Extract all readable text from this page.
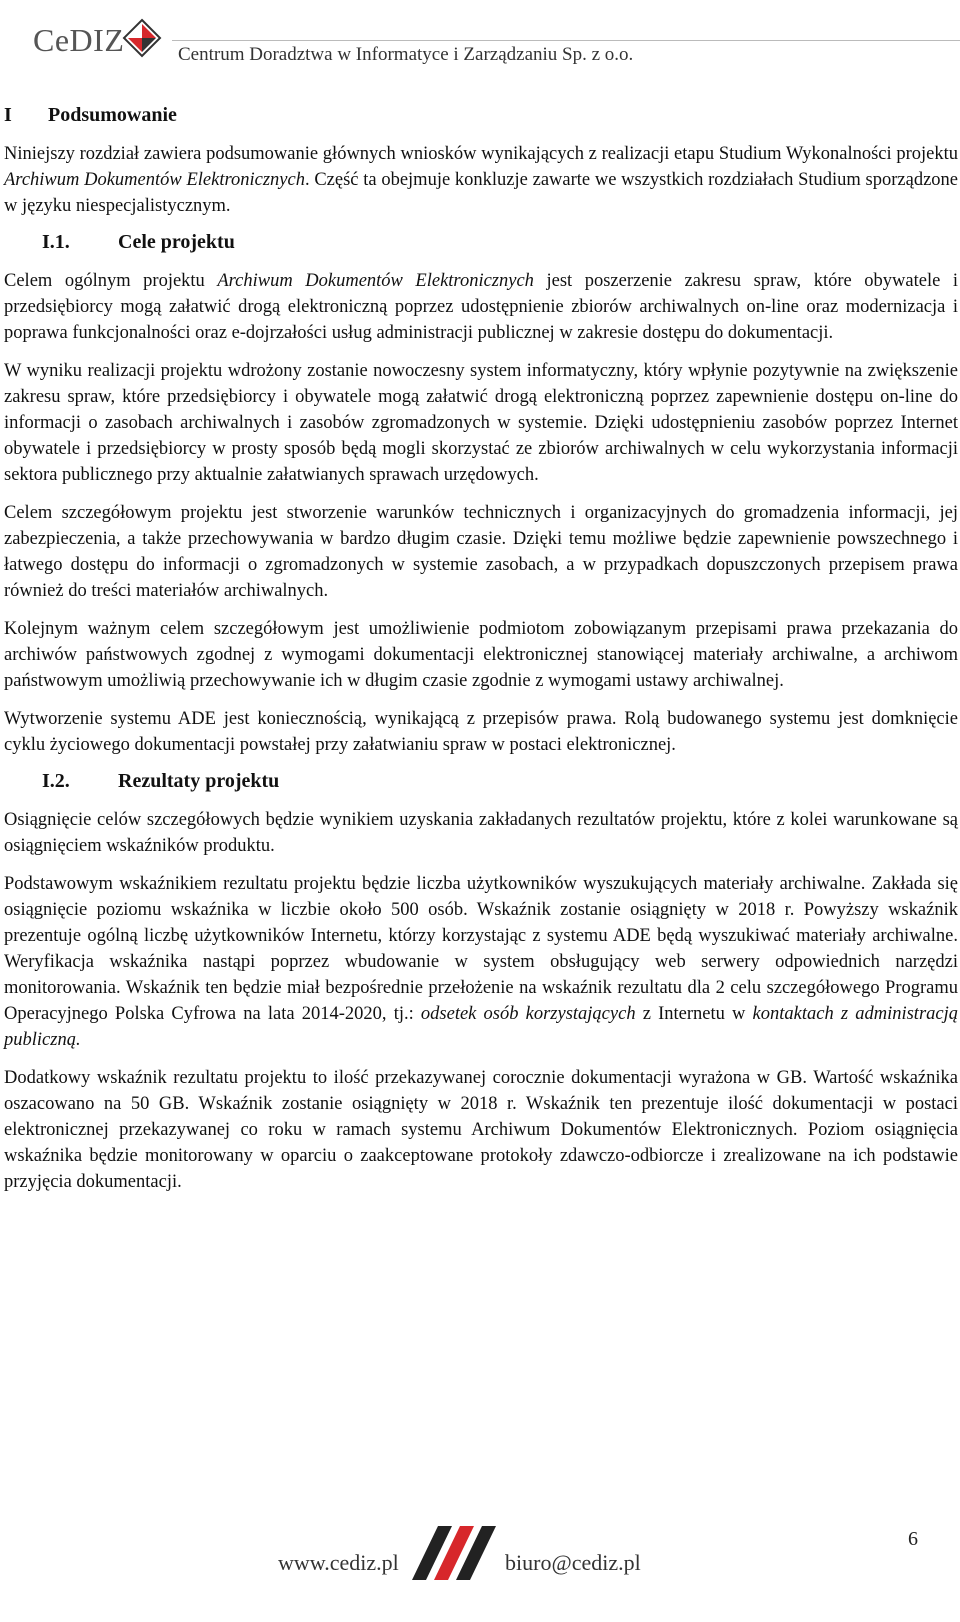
CeDIZ	Centrum Doradztwa w Informatyce i Zarządzaniu Sp. z o.o.
I Podsumowanie

Niniejszy rozdział zawiera podsumowanie głównych wniosków wynikających z realizacji etapu Studium Wykonalności projektu Archiwum Dokumentów Elektronicznych. Część ta obejmuje konkluzje zawarte we wszystkich rozdziałach Studium sporządzone w języku niespecjalistycznym.

I.1. Cele projektu

Celem ogólnym projektu Archiwum Dokumentów Elektronicznych jest poszerzenie zakresu spraw, które obywatele i przedsiębiorcy mogą załatwić drogą elektroniczną poprzez udostępnienie zbiorów archiwalnych on-line oraz modernizacja i poprawa funkcjonalności oraz e-dojrzałości usług administracji publicznej w zakresie dostępu do dokumentacji.

W wyniku realizacji projektu wdrożony zostanie nowoczesny system informatyczny, który wpłynie pozytywnie na zwiększenie zakresu spraw, które przedsiębiorcy i obywatele mogą załatwić drogą elektroniczną poprzez zapewnienie dostępu on-line do informacji o zasobach archiwalnych i zasobów zgromadzonych w systemie. Dzięki udostępnieniu zasobów poprzez Internet obywatele i przedsiębiorcy w prosty sposób będą mogli skorzystać ze zbiorów archiwalnych w celu wykorzystania informacji sektora publicznego przy aktualnie załatwianych sprawach urzędowych.

Celem szczegółowym projektu jest stworzenie warunków technicznych i organizacyjnych do gromadzenia informacji, jej zabezpieczenia, a także przechowywania w bardzo długim czasie. Dzięki temu możliwe będzie zapewnienie powszechnego i łatwego dostępu do informacji o zgromadzonych w systemie zasobach, a w przypadkach dopuszczonych przepisem prawa również do treści materiałów archiwalnych.

Kolejnym ważnym celem szczegółowym jest umożliwienie podmiotom zobowiązanym przepisami prawa przekazania do archiwów państwowych zgodnej z wymogami dokumentacji elektronicznej stanowiącej materiały archiwalne, a archiwom państwowym umożliwią przechowywanie ich w długim czasie zgodnie z wymogami ustawy archiwalnej.

Wytworzenie systemu ADE jest koniecznością, wynikającą z przepisów prawa. Rolą budowanego systemu jest domknięcie cyklu życiowego dokumentacji powstałej przy załatwianiu spraw w postaci elektronicznej.

I.2. Rezultaty projektu

Osiągnięcie celów szczegółowych będzie wynikiem uzyskania zakładanych rezultatów projektu, które z kolei warunkowane są osiągnięciem wskaźników produktu.

Podstawowym wskaźnikiem rezultatu projektu będzie liczba użytkowników wyszukujących materiały archiwalne. Zakłada się osiągnięcie poziomu wskaźnika w liczbie około 500 osób. Wskaźnik zostanie osiągnięty w 2018 r. Powyższy wskaźnik prezentuje ogólną liczbę użytkowników Internetu, którzy korzystając z systemu ADE będą wyszukiwać materiały archiwalne. Weryfikacja wskaźnika nastąpi poprzez wbudowanie w system obsługujący web serwery odpowiednich narzędzi monitorowania. Wskaźnik ten będzie miał bezpośrednie przełożenie na wskaźnik rezultatu dla 2 celu szczegółowego Programu Operacyjnego Polska Cyfrowa na lata 2014-2020, tj.: odsetek osób korzystających z Internetu w kontaktach z administracją publiczną.

Dodatkowy wskaźnik rezultatu projektu to ilość przekazywanej corocznie dokumentacji wyrażona w GB. Wartość wskaźnika oszacowano na 50 GB. Wskaźnik zostanie osiągnięty w 2018 r. Wskaźnik ten prezentuje ilość dokumentacji w postaci elektronicznej przekazywanej co roku w ramach systemu Archiwum Dokumentów Elektronicznych. Poziom osiągnięcia wskaźnika będzie monitorowany w oparciu o zaakceptowane protokoły zdawczo-odbiorcze i zrealizowane na ich podstawie przyjęcia dokumentacji.

www.cediz.pl	biuro@cediz.pl
6
